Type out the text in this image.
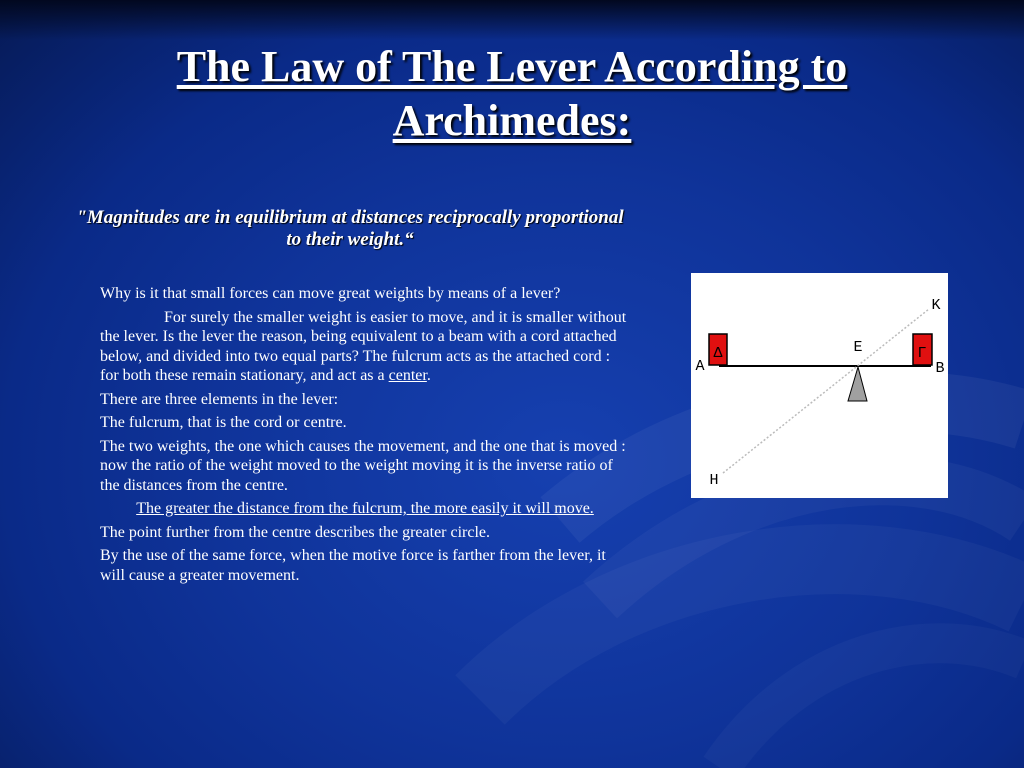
The Law of The Lever According to
Archimedes:

"Magnitudes are in equilibrium at distances reciprocally proportional to their weight.“

Why is it that small forces can move great weights by means of a lever?

For surely the smaller weight is easier to move, and it is smaller without the lever. Is the lever the reason, being equivalent to a beam with a cord attached below, and divided into two equal parts? The fulcrum acts as the attached cord : for both these remain stationary, and act as a center.

There are three elements in the lever:

The fulcrum, that is the cord or centre.

The two weights, the one which causes the movement, and the one that is moved : now the ratio of the weight moved to the weight moving it is the inverse ratio of the distances from the centre.

The greater the distance from the fulcrum, the more easily it will move.

The point further from the centre describes the greater circle.

By the use of the same force, when the motive force is farther from the lever, it will cause a greater movement.

Δ	Γ
A	B
E
K
H
